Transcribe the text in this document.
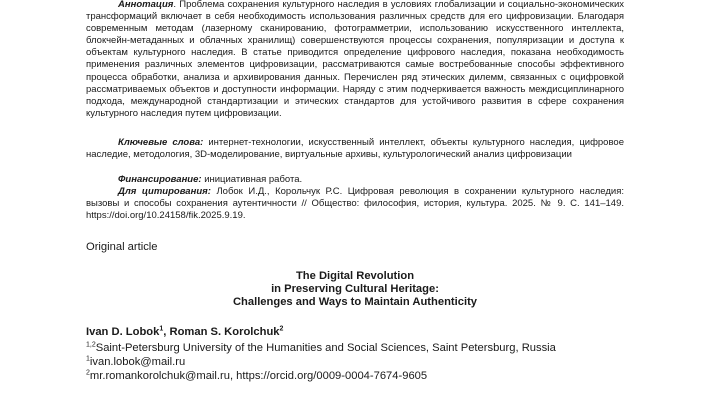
Аннотация. Проблема сохранения культурного наследия в условиях глобализации и социально-экономических трансформаций включает в себя необходимость использования различных средств для его цифровизации. Благодаря современным методам (лазерному сканированию, фотограмметрии, использованию искусственного интеллекта, блокчейн-метаданных и облачных хранилищ) совершенствуются процессы сохранения, популяризации и доступа к объектам культурного наследия. В статье приводится определение цифрового наследия, показана необходимость применения различных элементов цифровизации, рассматриваются самые востребованные способы эффективного процесса обработки, анализа и архивирования данных. Перечислен ряд этических дилемм, связанных с оцифровкой рассматриваемых объектов и доступности информации. Наряду с этим подчеркивается важность междисциплинарного подхода, международной стандартизации и этических стандартов для устойчивого развития в сфере сохранения культурного наследия путем цифровизации.
Ключевые слова: интернет-технологии, искусственный интеллект, объекты культурного наследия, цифровое наследие, методология, 3D-моделирование, виртуальные архивы, культурологический анализ цифровизации
Финансирование: инициативная работа.
Для цитирования: Лобок И.Д., Корольчук Р.С. Цифровая революция в сохранении культурного наследия: вызовы и способы сохранения аутентичности // Общество: философия, история, культура. 2025. № 9. С. 141–149. https://doi.org/10.24158/fik.2025.9.19.
Original article
The Digital Revolution
in Preserving Cultural Heritage:
Challenges and Ways to Maintain Authenticity
Ivan D. Lobok$^1$, Roman S. Korolchuk$^2$
$^{1,2}$Saint-Petersburg University of the Humanities and Social Sciences, Saint Petersburg, Russia
$^1$ivan.lobok@mail.ru
$^2$mr.romankorolchuk@mail.ru, https://orcid.org/0009-0004-7674-9605
